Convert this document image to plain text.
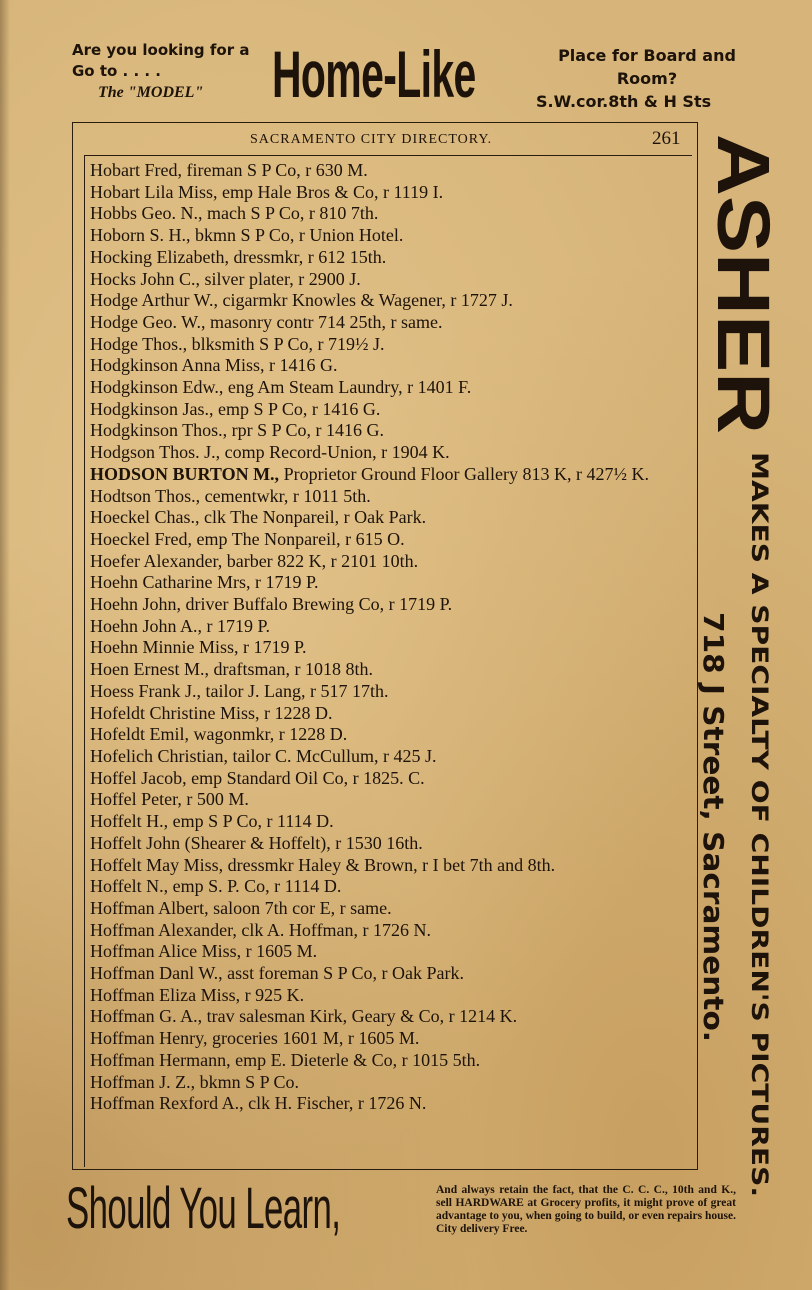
Are you looking for a
Go to . . . .
The "MODEL"	Home-Like	Place for Board and
Room?
S.W.cor.8th & H Sts
SACRAMENTO CITY DIRECTORY.	261
Hobart Fred, fireman S P Co, r 630 M.
Hobart Lila Miss, emp Hale Bros & Co, r 1119 I.
Hobbs Geo. N., mach S P Co, r 810 7th.
Hoborn S. H., bkmn S P Co, r Union Hotel.
Hocking Elizabeth, dressmkr, r 612 15th.
Hocks John C., silver plater, r 2900 J.
Hodge Arthur W., cigarmkr Knowles & Wagener, r 1727 J.
Hodge Geo. W., masonry contr 714 25th, r same.
Hodge Thos., blksmith S P Co, r 719½ J.
Hodgkinson Anna Miss, r 1416 G.
Hodgkinson Edw., eng Am Steam Laundry, r 1401 F.
Hodgkinson Jas., emp S P Co, r 1416 G.
Hodgkinson Thos., rpr S P Co, r 1416 G.
Hodgson Thos. J., comp Record-Union, r 1904 K.
HODSON BURTON M., Proprietor Ground Floor Gallery 813 K, r 427½ K.
Hodtson Thos., cementwkr, r 1011 5th.
Hoeckel Chas., clk The Nonpareil, r Oak Park.
Hoeckel Fred, emp The Nonpareil, r 615 O.
Hoefer Alexander, barber 822 K, r 2101 10th.
Hoehn Catharine Mrs, r 1719 P.
Hoehn John, driver Buffalo Brewing Co, r 1719 P.
Hoehn John A., r 1719 P.
Hoehn Minnie Miss, r 1719 P.
Hoen Ernest M., draftsman, r 1018 8th.
Hoess Frank J., tailor J. Lang, r 517 17th.
Hofeldt Christine Miss, r 1228 D.
Hofeldt Emil, wagonmkr, r 1228 D.
Hofelich Christian, tailor C. McCullum, r 425 J.
Hoffel Jacob, emp Standard Oil Co, r 1825. C.
Hoffel Peter, r 500 M.
Hoffelt H., emp S P Co, r 1114 D.
Hoffelt John (Shearer & Hoffelt), r 1530 16th.
Hoffelt May Miss, dressmkr Haley & Brown, r I bet 7th and 8th.
Hoffelt N., emp S. P. Co, r 1114 D.
Hoffman Albert, saloon 7th cor E, r same.
Hoffman Alexander, clk A. Hoffman, r 1726 N.
Hoffman Alice Miss, r 1605 M.
Hoffman Danl W., asst foreman S P Co, r Oak Park.
Hoffman Eliza Miss, r 925 K.
Hoffman G. A., trav salesman Kirk, Geary & Co, r 1214 K.
Hoffman Henry, groceries 1601 M, r 1605 M.
Hoffman Hermann, emp E. Dieterle & Co, r 1015 5th.
Hoffman J. Z., bkmn S P Co.
Hoffman Rexford A., clk H. Fischer, r 1726 N.
ASHER
MAKES A SPECIALTY OF CHILDREN'S PICTURES.
718 J Street, Sacramento.
Should You Learn,	And always retain the fact, that the C. C. C., 10th and K., sell HARDWARE at Grocery profits, it might prove of great advantage to you, when going to build, or even repairs house. City delivery Free.
